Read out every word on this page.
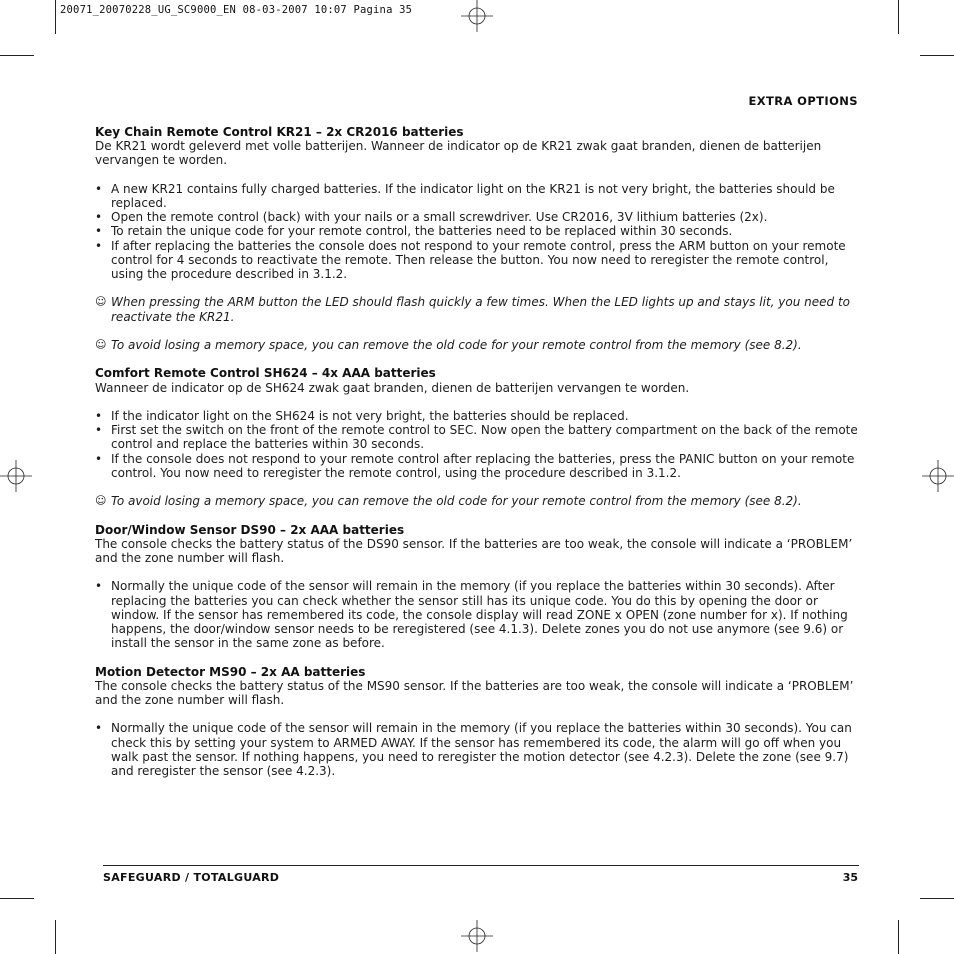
20071_20070228_UG_SC9000_EN 08-03-2007 10:07 Pagina 35
EXTRA OPTIONS
Key Chain Remote Control KR21 – 2x CR2016 batteries

De KR21 wordt geleverd met volle batterijen. Wanneer de indicator op de KR21 zwak gaat branden, dienen de batterijen vervangen te worden.

• A new KR21 contains fully charged batteries. If the indicator light on the KR21 is not very bright, the batteries should be replaced.
• Open the remote control (back) with your nails or a small screwdriver. Use CR2016, 3V lithium batteries (2x).
• To retain the unique code for your remote control, the batteries need to be replaced within 30 seconds.
• If after replacing the batteries the console does not respond to your remote control, press the ARM button on your remote control for 4 seconds to reactivate the remote. Then release the button. You now need to reregister the remote control, using the procedure described in 3.1.2.
☺ When pressing the ARM button the LED should flash quickly a few times. When the LED lights up and stays lit, you need to reactivate the KR21.
☺ To avoid losing a memory space, you can remove the old code for your remote control from the memory (see 8.2).
Comfort Remote Control SH624 – 4x AAA batteries

Wanneer de indicator op de SH624 zwak gaat branden, dienen de batterijen vervangen te worden.

• If the indicator light on the SH624 is not very bright, the batteries should be replaced.
• First set the switch on the front of the remote control to SEC. Now open the battery compartment on the back of the remote control and replace the batteries within 30 seconds.
• If the console does not respond to your remote control after replacing the batteries, press the PANIC button on your remote control. You now need to reregister the remote control, using the procedure described in 3.1.2.
☺ To avoid losing a memory space, you can remove the old code for your remote control from the memory (see 8.2).
Door/Window Sensor DS90 – 2x AAA batteries

The console checks the battery status of the DS90 sensor. If the batteries are too weak, the console will indicate a ‘PROBLEM’ and the zone number will flash.

• Normally the unique code of the sensor will remain in the memory (if you replace the batteries within 30 seconds). After replacing the batteries you can check whether the sensor still has its unique code. You do this by opening the door or window. If the sensor has remembered its code, the console display will read ZONE x OPEN (zone number for x). If nothing happens, the door/window sensor needs to be reregistered (see 4.1.3). Delete zones you do not use anymore (see 9.6) or install the sensor in the same zone as before.
Motion Detector MS90 – 2x AA batteries

The console checks the battery status of the MS90 sensor. If the batteries are too weak, the console will indicate a ‘PROBLEM’ and the zone number will flash.

• Normally the unique code of the sensor will remain in the memory (if you replace the batteries within 30 seconds). You can check this by setting your system to ARMED AWAY. If the sensor has remembered its code, the alarm will go off when you walk past the sensor. If nothing happens, you need to reregister the motion detector (see 4.2.3). Delete the zone (see 9.7) and reregister the sensor (see 4.2.3).
SAFEGUARD / TOTALGUARD	35
